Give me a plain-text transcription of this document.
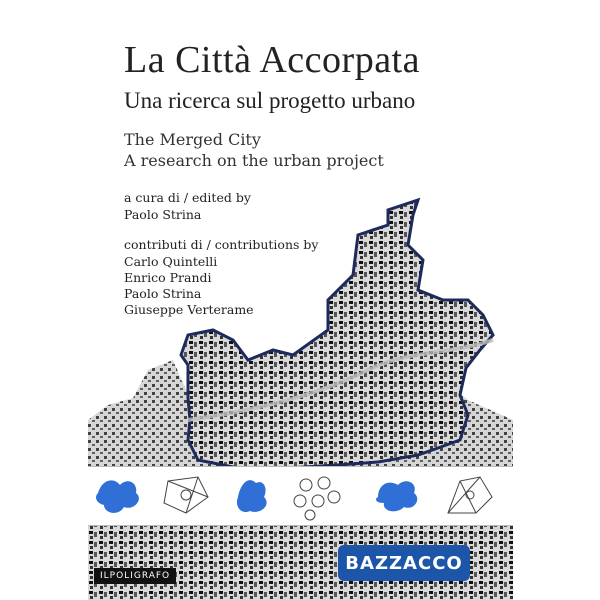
La Città Accorpata
Una ricerca sul progetto urbano
The Merged City
A research on the urban project
a cura di / edited by
Paolo Strina
contributi di / contributions by
Carlo Quintelli
Enrico Prandi
Paolo Strina
Giuseppe Verterame
ILPOLIGRAFO
BAZZACCO
